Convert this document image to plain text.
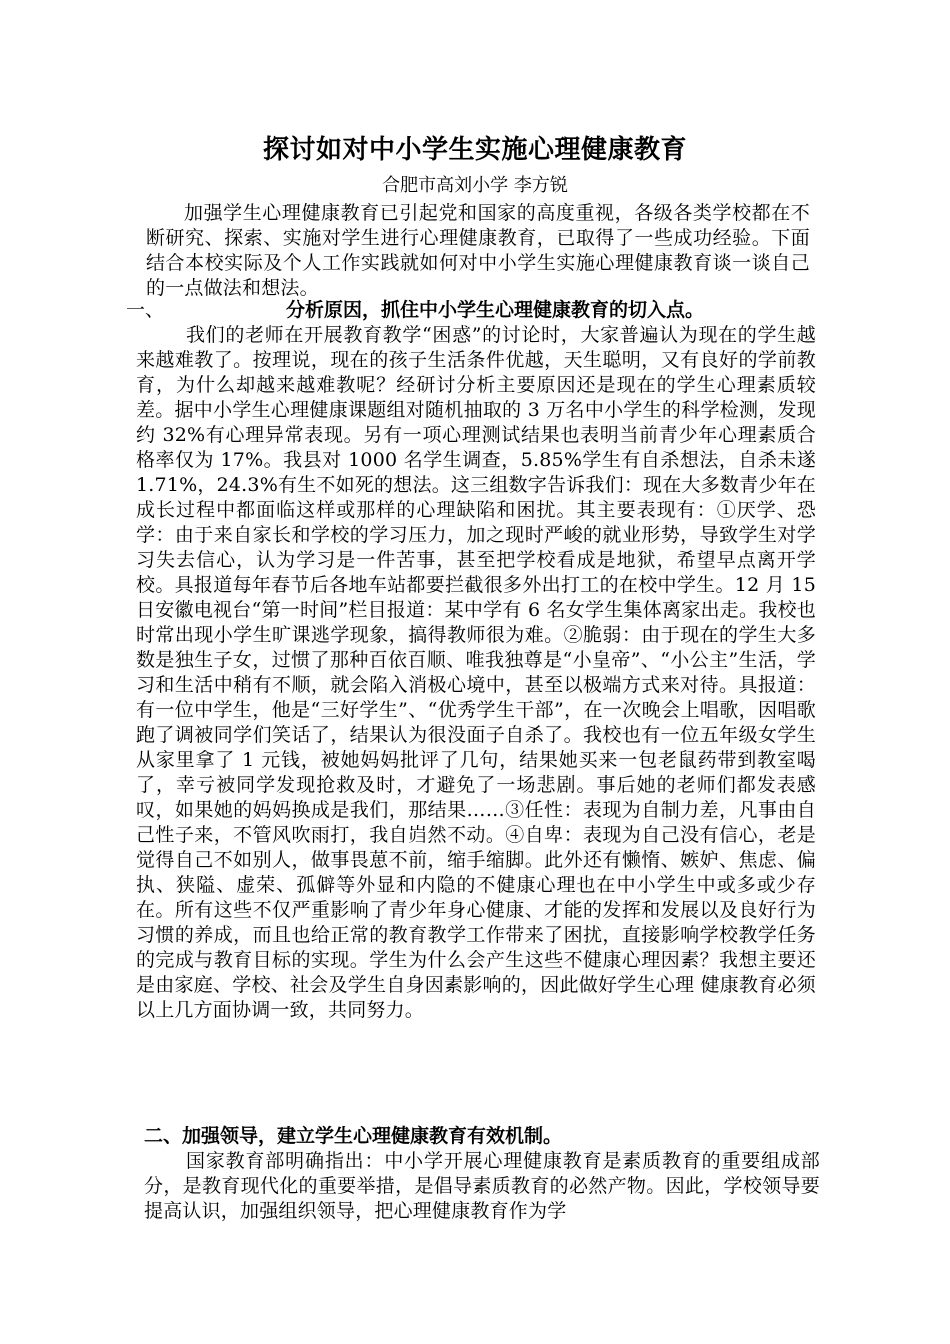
探讨如对中小学生实施心理健康教育
合肥市高刘小学 李方锐
加强学生心理健康教育已引起党和国家的高度重视，各级各类学校都在不断研究、探索、实施对学生进行心理健康教育，已取得了一些成功经验。下面结合本校实际及个人工作实践就如何对中小学生实施心理健康教育谈一谈自己的一点做法和想法。
一、	分析原因，抓住中小学生心理健康教育的切入点。
我们的老师在开展教育教学“困惑”的讨论时，大家普遍认为现在的学生越来越难教了。按理说，现在的孩子生活条件优越，天生聪明，又有良好的学前教育，为什么却越来越难教呢？经研讨分析主要原因还是现在的学生心理素质较差。据中小学生心理健康课题组对随机抽取的 3 万名中小学生的科学检测，发现约 32%有心理异常表现。另有一项心理测试结果也表明当前青少年心理素质合格率仅为 17%。我县对 1000 名学生调查，5.85%学生有自杀想法，自杀未遂 1.71%，24.3%有生不如死的想法。这三组数字告诉我们：现在大多数青少年在成长过程中都面临这样或那样的心理缺陷和困扰。其主要表现有：①厌学、恐学：由于来自家长和学校的学习压力，加之现时严峻的就业形势，导致学生对学习失去信心，认为学习是一件苦事，甚至把学校看成是地狱，希望早点离开学校。具报道每年春节后各地车站都要拦截很多外出打工的在校中学生。12 月 15 日安徽电视台“第一时间”栏目报道：某中学有 6 名女学生集体离家出走。我校也时常出现小学生旷课逃学现象，搞得教师很为难。②脆弱：由于现在的学生大多数是独生子女，过惯了那种百依百顺、唯我独尊是“小皇帝”、“小公主”生活，学习和生活中稍有不顺，就会陷入消极心境中，甚至以极端方式来对待。具报道：有一位中学生，他是“三好学生”、“优秀学生干部”，在一次晚会上唱歌，因唱歌跑了调被同学们笑话了，结果认为很没面子自杀了。我校也有一位五年级女学生从家里拿了 1 元钱，被她妈妈批评了几句，结果她买来一包老鼠药带到教室喝了，幸亏被同学发现抢救及时，才避免了一场悲剧。事后她的老师们都发表感叹，如果她的妈妈换成是我们，那结果……③任性：表现为自制力差，凡事由自己性子来，不管风吹雨打，我自岿然不动。④自卑：表现为自己没有信心，老是觉得自己不如别人，做事畏葸不前，缩手缩脚。此外还有懒惰、嫉妒、焦虑、偏执、狭隘、虚荣、孤僻等外显和内隐的不健康心理也在中小学生中或多或少存在。所有这些不仅严重影响了青少年身心健康、才能的发挥和发展以及良好行为习惯的养成，而且也给正常的教育教学工作带来了困扰，直接影响学校教学任务的完成与教育目标的实现。学生为什么会产生这些不健康心理因素？我想主要还是由家庭、学校、社会及学生自身因素影响的，因此做好学生心理 健康教育必须以上几方面协调一致，共同努力。
二、加强领导，建立学生心理健康教育有效机制。
国家教育部明确指出：中小学开展心理健康教育是素质教育的重要组成部分，是教育现代化的重要举措，是倡导素质教育的必然产物。因此，学校领导要提高认识，加强组织领导，把心理健康教育作为学
